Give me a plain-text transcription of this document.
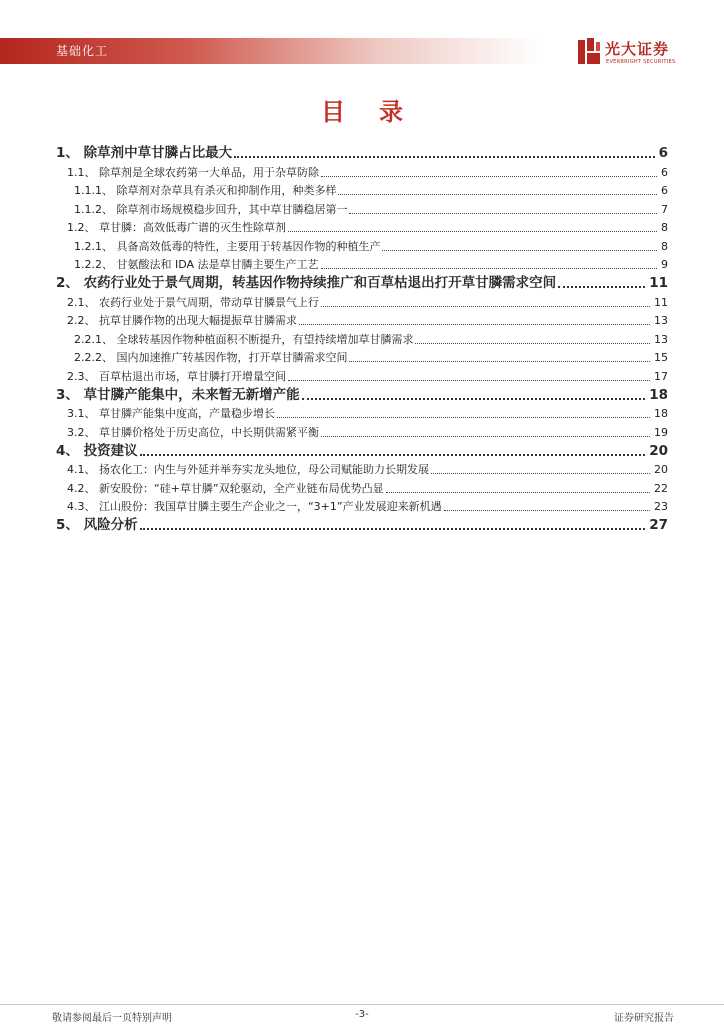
基础化工	光大证券
EVERBRIGHT SECURITIES
目录
1、 除草剂中草甘膦占比最大	6
1.1、 除草剂是全球农药第一大单品，用于杂草防除	6
1.1.1、 除草剂对杂草具有杀灭和抑制作用，种类多样	6
1.1.2、 除草剂市场规模稳步回升，其中草甘膦稳居第一	7
1.2、 草甘膦：高效低毒广谱的灭生性除草剂	8
1.2.1、 具备高效低毒的特性，主要用于转基因作物的种植生产	8
1.2.2、 甘氨酸法和 IDA 法是草甘膦主要生产工艺	9
2、 农药行业处于景气周期，转基因作物持续推广和百草枯退出打开草甘膦需求空间	11
2.1、 农药行业处于景气周期，带动草甘膦景气上行	11
2.2、 抗草甘膦作物的出现大幅提振草甘膦需求	13
2.2.1、 全球转基因作物种植面积不断提升，有望持续增加草甘膦需求	13
2.2.2、 国内加速推广转基因作物，打开草甘膦需求空间	15
2.3、 百草枯退出市场，草甘膦打开增量空间	17
3、 草甘膦产能集中，未来暂无新增产能	18
3.1、 草甘膦产能集中度高，产量稳步增长	18
3.2、 草甘膦价格处于历史高位，中长期供需紧平衡	19
4、 投资建议	20
4.1、 扬农化工：内生与外延并举夯实龙头地位，母公司赋能助力长期发展	20
4.2、 新安股份：“硅+草甘膦”双轮驱动，全产业链布局优势凸显	22
4.3、 江山股份：我国草甘膦主要生产企业之一，“3+1”产业发展迎来新机遇	23
5、 风险分析	27
敬请参阅最后一页特别声明	-3-	证券研究报告
